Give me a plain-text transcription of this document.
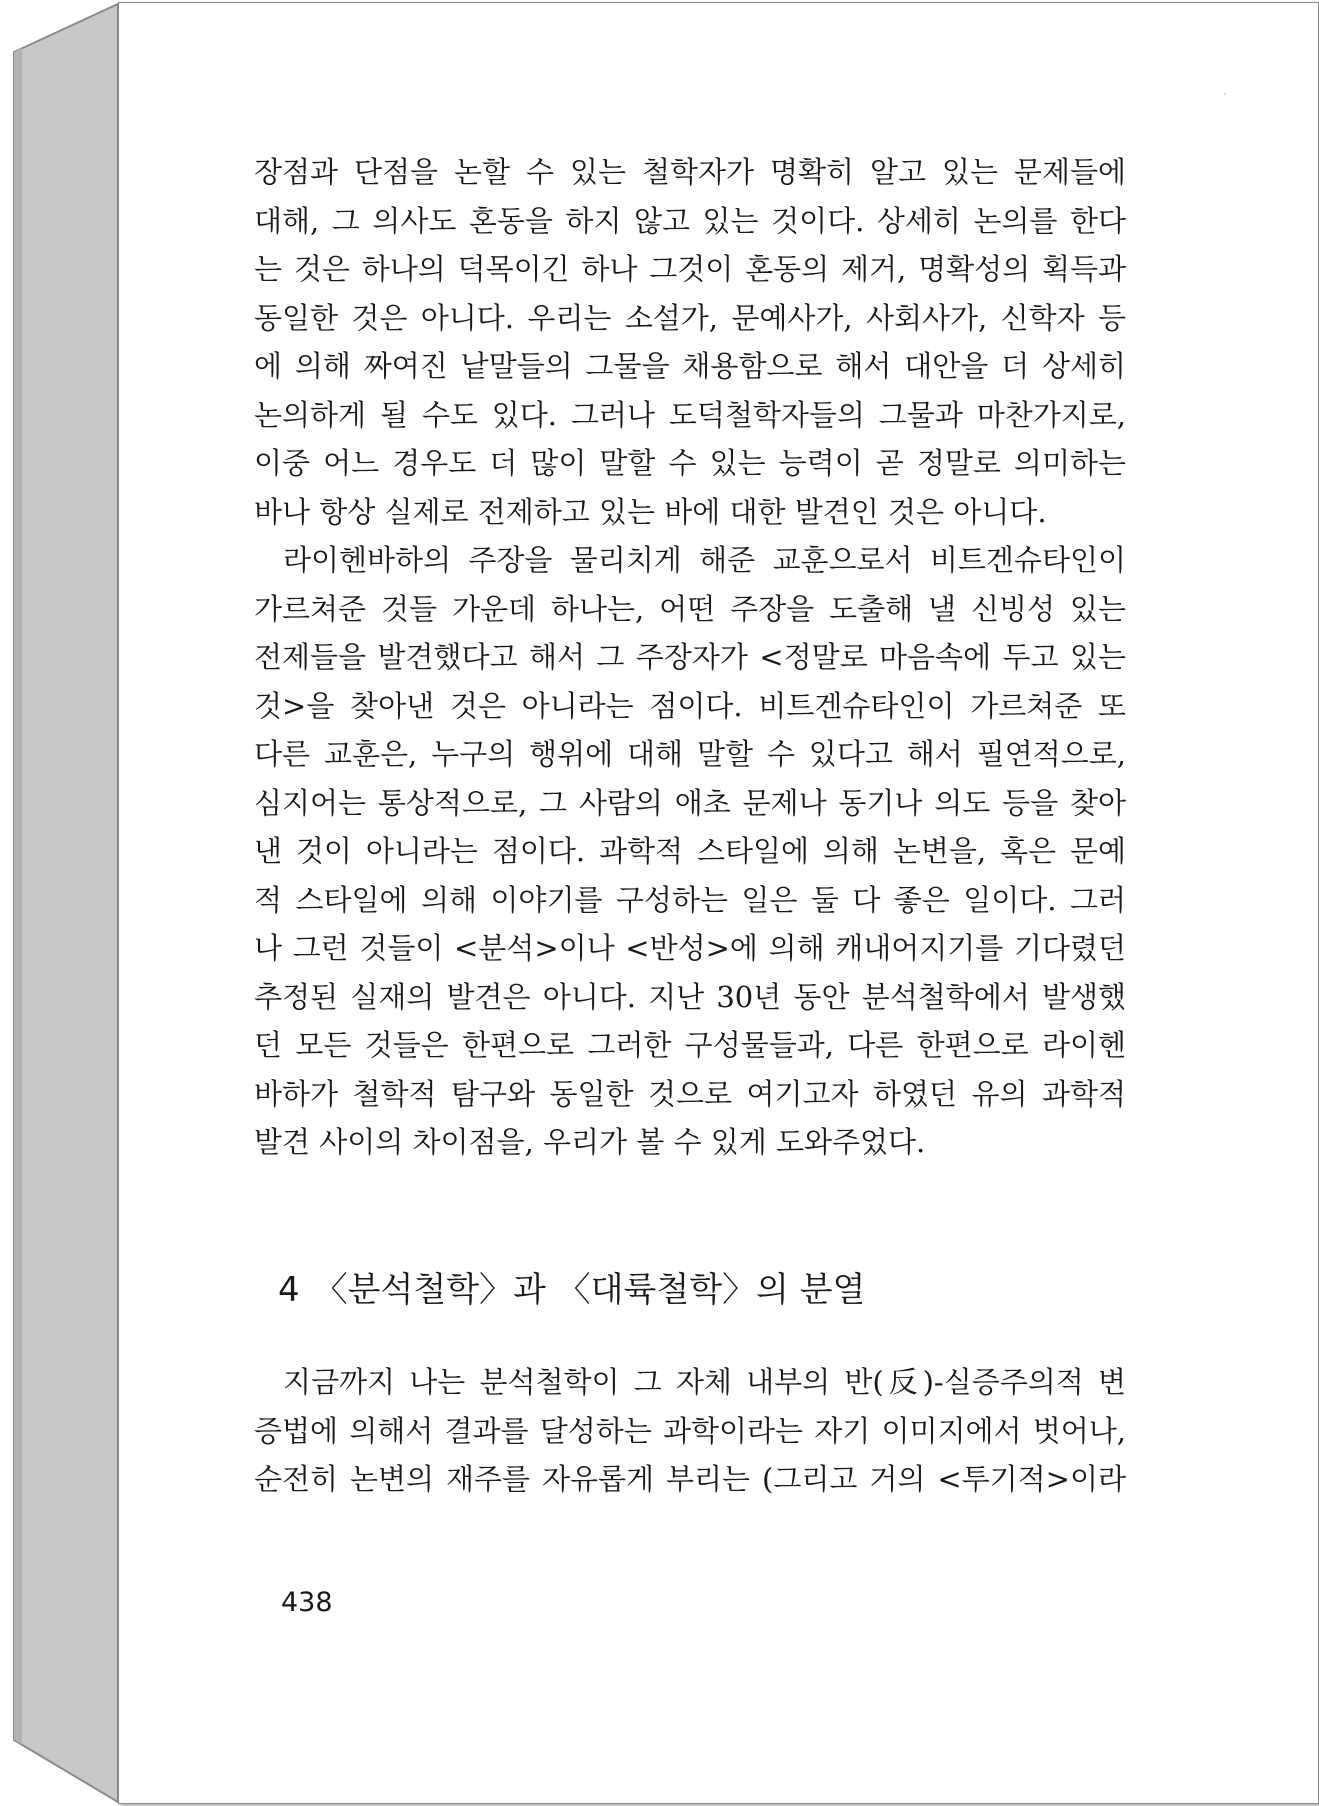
장점과 단점을 논할 수 있는 철학자가 명확히 알고 있는 문제들에
대해, 그 의사도 혼동을 하지 않고 있는 것이다. 상세히 논의를 한다
는 것은 하나의 덕목이긴 하나 그것이 혼동의 제거, 명확성의 획득과
동일한 것은 아니다. 우리는 소설가, 문예사가, 사회사가, 신학자 등
에 의해 짜여진 낱말들의 그물을 채용함으로 해서 대안을 더 상세히
논의하게 될 수도 있다. 그러나 도덕철학자들의 그물과 마찬가지로,
이중 어느 경우도 더 많이 말할 수 있는 능력이 곧 정말로 의미하는
바나 항상 실제로 전제하고 있는 바에 대한 발견인 것은 아니다.
라이헨바하의 주장을 물리치게 해준 교훈으로서 비트겐슈타인이
가르쳐준 것들 가운데 하나는, 어떤 주장을 도출해 낼 신빙성 있는
전제들을 발견했다고 해서 그 주장자가 <정말로 마음속에 두고 있는
것>을 찾아낸 것은 아니라는 점이다. 비트겐슈타인이 가르쳐준 또
다른 교훈은, 누구의 행위에 대해 말할 수 있다고 해서 필연적으로,
심지어는 통상적으로, 그 사람의 애초 문제나 동기나 의도 등을 찾아
낸 것이 아니라는 점이다. 과학적 스타일에 의해 논변을, 혹은 문예
적 스타일에 의해 이야기를 구성하는 일은 둘 다 좋은 일이다. 그러
나 그런 것들이 <분석>이나 <반성>에 의해 캐내어지기를 기다렸던
추정된 실재의 발견은 아니다. 지난 30년 동안 분석철학에서 발생했
던 모든 것들은 한편으로 그러한 구성물들과, 다른 한편으로 라이헨
바하가 철학적 탐구와 동일한 것으로 여기고자 하였던 유의 과학적
발견 사이의 차이점을, 우리가 볼 수 있게 도와주었다.
4 〈분석철학〉과 〈대륙철학〉의 분열
지금까지 나는 분석철학이 그 자체 내부의 반(反)-실증주의적 변
증법에 의해서 결과를 달성하는 과학이라는 자기 이미지에서 벗어나,
순전히 논변의 재주를 자유롭게 부리는 (그리고 거의 <투기적>이라
438
